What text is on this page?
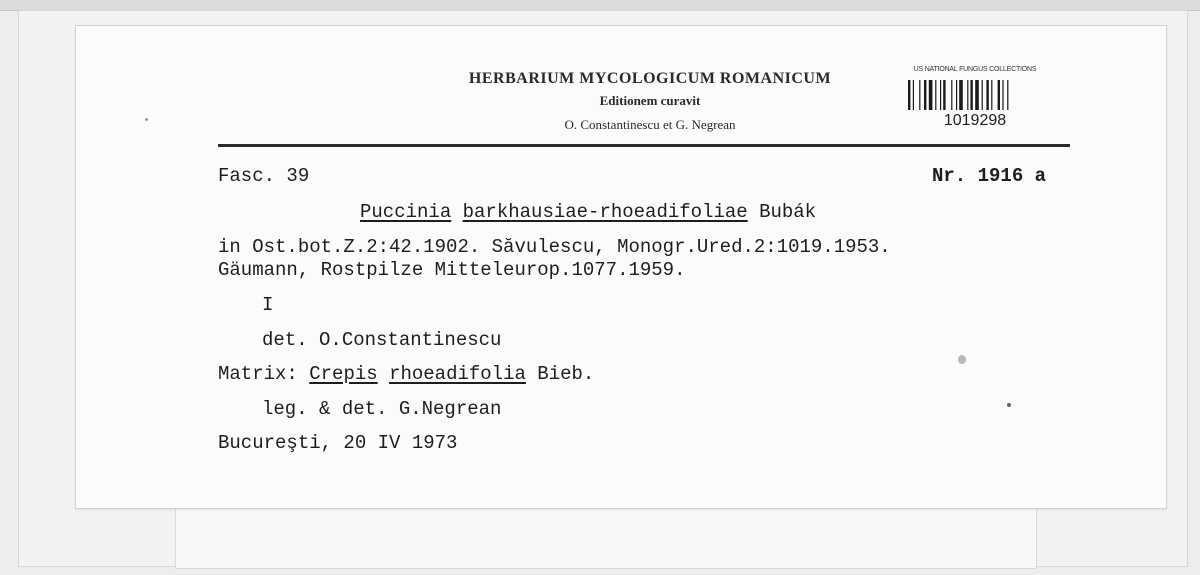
HERBARIUM MYCOLOGICUM ROMANICUM
Editionem curavit
O. Constantinescu et G. Negrean
US NATIONAL FUNGUS COLLECTIONS
1019298
Fasc. 39	Nr. 1916 a
Puccinia barkhausiae-rhoeadifoliae Bubák
in Ost.bot.Z.2:42.1902. Săvulescu, Monogr.Ured.2:1019.1953.
Gäumann, Rostpilze Mitteleurop.1077.1959.
I
det. O.Constantinescu
Matrix: Crepis rhoeadifolia Bieb.
leg. & det. G.Negrean
Bucureşti, 20 IV 1973
